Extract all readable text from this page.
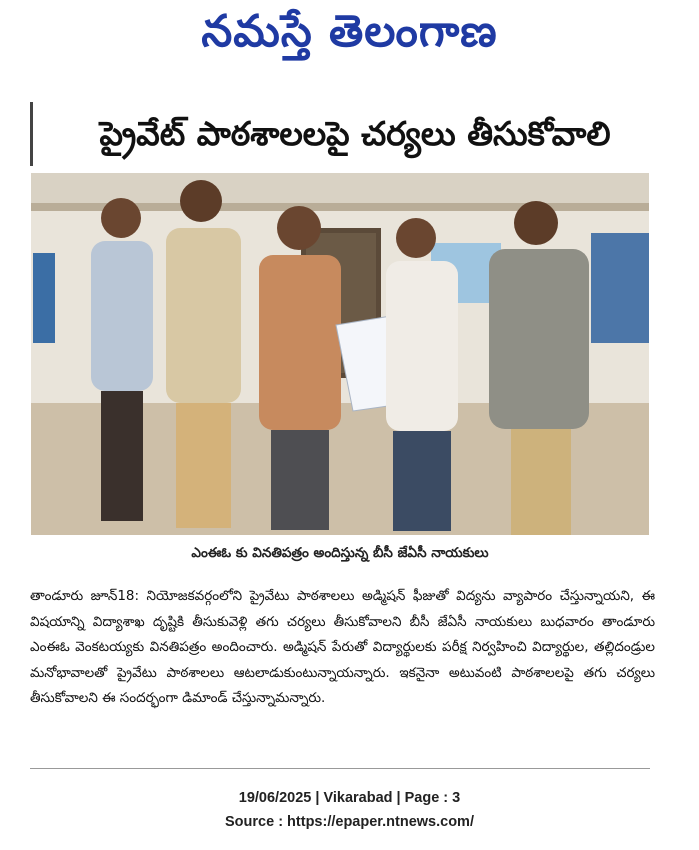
నమస్తే తెలంగాణ
ప్రైవేట్ పాఠశాలలపై చర్యలు తీసుకోవాలి
ఎంఈఓ కు వినతిపత్రం అందిస్తున్న బీసీ జేఏసీ నాయకులు
తాండూరు జూన్18: నియోజకవర్గంలోని ప్రైవేటు పాఠశాలలు అడ్మిషన్ ఫీజుతో విద్యను వ్యాపారం చేస్తున్నాయని, ఈ విషయాన్ని విద్యాశాఖ దృష్టికి తీసుకువెళ్లి తగు చర్యలు తీసుకోవాలని బీసీ జేఏసీ నాయకులు బుధవారం తాండూరు ఎంఈఓ వెంకటయ్యకు వినతిపత్రం అందించారు. అడ్మిషన్ పేరుతో విద్యార్థులకు పరీక్ష నిర్వహించి విద్యార్థుల, తల్లిదండ్రుల మనోభావాలతో ప్రైవేటు పాఠశాలలు ఆటలాడుకుంటున్నాయన్నారు. ఇకనైనా అటువంటి పాఠశాలలపై తగు చర్యలు తీసుకోవాలని ఈ సందర్భంగా డిమాండ్ చేస్తున్నామన్నారు.
19/06/2025 | Vikarabad | Page : 3
Source : https://epaper.ntnews.com/
